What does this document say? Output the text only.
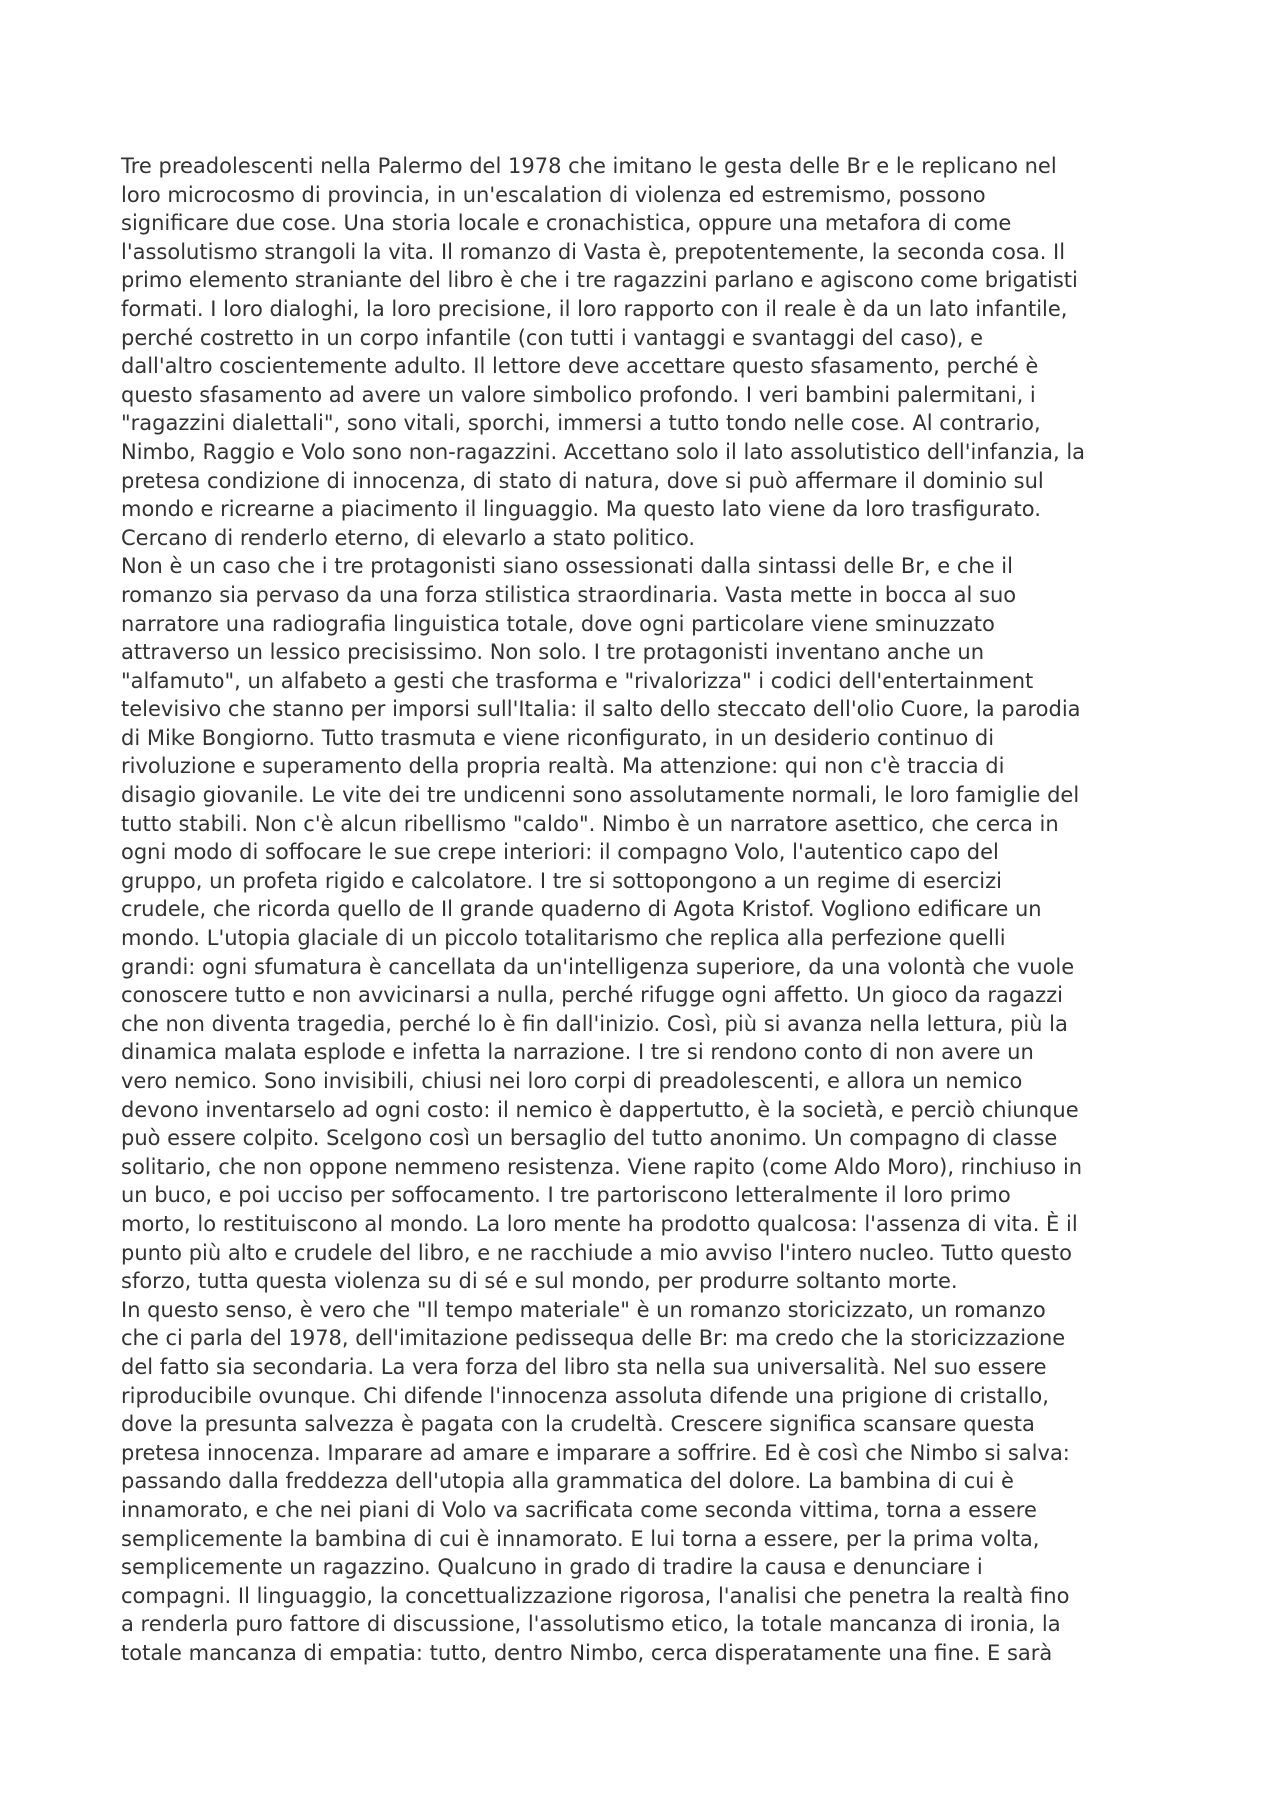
Tre preadolescenti nella Palermo del 1978 che imitano le gesta delle Br e le replicano nel
loro microcosmo di provincia, in un'escalation di violenza ed estremismo, possono
significare due cose. Una storia locale e cronachistica, oppure una metafora di come
l'assolutismo strangoli la vita. Il romanzo di Vasta è, prepotentemente, la seconda cosa. Il
primo elemento straniante del libro è che i tre ragazzini parlano e agiscono come brigatisti
formati. I loro dialoghi, la loro precisione, il loro rapporto con il reale è da un lato infantile,
perché costretto in un corpo infantile (con tutti i vantaggi e svantaggi del caso), e
dall'altro coscientemente adulto. Il lettore deve accettare questo sfasamento, perché è
questo sfasamento ad avere un valore simbolico profondo. I veri bambini palermitani, i
"ragazzini dialettali", sono vitali, sporchi, immersi a tutto tondo nelle cose. Al contrario,
Nimbo, Raggio e Volo sono non-ragazzini. Accettano solo il lato assolutistico dell'infanzia, la
pretesa condizione di innocenza, di stato di natura, dove si può affermare il dominio sul
mondo e ricrearne a piacimento il linguaggio. Ma questo lato viene da loro trasfigurato.
Cercano di renderlo eterno, di elevarlo a stato politico.

Non è un caso che i tre protagonisti siano ossessionati dalla sintassi delle Br, e che il
romanzo sia pervaso da una forza stilistica straordinaria. Vasta mette in bocca al suo
narratore una radiografia linguistica totale, dove ogni particolare viene sminuzzato
attraverso un lessico precisissimo. Non solo. I tre protagonisti inventano anche un
"alfamuto", un alfabeto a gesti che trasforma e "rivalorizza" i codici dell'entertainment
televisivo che stanno per imporsi sull'Italia: il salto dello steccato dell'olio Cuore, la parodia
di Mike Bongiorno. Tutto trasmuta e viene riconfigurato, in un desiderio continuo di
rivoluzione e superamento della propria realtà. Ma attenzione: qui non c'è traccia di
disagio giovanile. Le vite dei tre undicenni sono assolutamente normali, le loro famiglie del
tutto stabili. Non c'è alcun ribellismo "caldo". Nimbo è un narratore asettico, che cerca in
ogni modo di soffocare le sue crepe interiori: il compagno Volo, l'autentico capo del
gruppo, un profeta rigido e calcolatore. I tre si sottopongono a un regime di esercizi
crudele, che ricorda quello de Il grande quaderno di Agota Kristof. Vogliono edificare un
mondo. L'utopia glaciale di un piccolo totalitarismo che replica alla perfezione quelli
grandi: ogni sfumatura è cancellata da un'intelligenza superiore, da una volontà che vuole
conoscere tutto e non avvicinarsi a nulla, perché rifugge ogni affetto. Un gioco da ragazzi
che non diventa tragedia, perché lo è fin dall'inizio. Così, più si avanza nella lettura, più la
dinamica malata esplode e infetta la narrazione. I tre si rendono conto di non avere un
vero nemico. Sono invisibili, chiusi nei loro corpi di preadolescenti, e allora un nemico
devono inventarselo ad ogni costo: il nemico è dappertutto, è la società, e perciò chiunque
può essere colpito. Scelgono così un bersaglio del tutto anonimo. Un compagno di classe
solitario, che non oppone nemmeno resistenza. Viene rapito (come Aldo Moro), rinchiuso in
un buco, e poi ucciso per soffocamento. I tre partoriscono letteralmente il loro primo
morto, lo restituiscono al mondo. La loro mente ha prodotto qualcosa: l'assenza di vita. È il
punto più alto e crudele del libro, e ne racchiude a mio avviso l'intero nucleo. Tutto questo
sforzo, tutta questa violenza su di sé e sul mondo, per produrre soltanto morte.

In questo senso, è vero che "Il tempo materiale" è un romanzo storicizzato, un romanzo
che ci parla del 1978, dell'imitazione pedissequa delle Br: ma credo che la storicizzazione
del fatto sia secondaria. La vera forza del libro sta nella sua universalità. Nel suo essere
riproducibile ovunque. Chi difende l'innocenza assoluta difende una prigione di cristallo,
dove la presunta salvezza è pagata con la crudeltà. Crescere significa scansare questa
pretesa innocenza. Imparare ad amare e imparare a soffrire. Ed è così che Nimbo si salva:
passando dalla freddezza dell'utopia alla grammatica del dolore. La bambina di cui è
innamorato, e che nei piani di Volo va sacrificata come seconda vittima, torna a essere
semplicemente la bambina di cui è innamorato. E lui torna a essere, per la prima volta,
semplicemente un ragazzino. Qualcuno in grado di tradire la causa e denunciare i
compagni. Il linguaggio, la concettualizzazione rigorosa, l'analisi che penetra la realtà fino
a renderla puro fattore di discussione, l'assolutismo etico, la totale mancanza di ironia, la
totale mancanza di empatia: tutto, dentro Nimbo, cerca disperatamente una fine. E sarà
